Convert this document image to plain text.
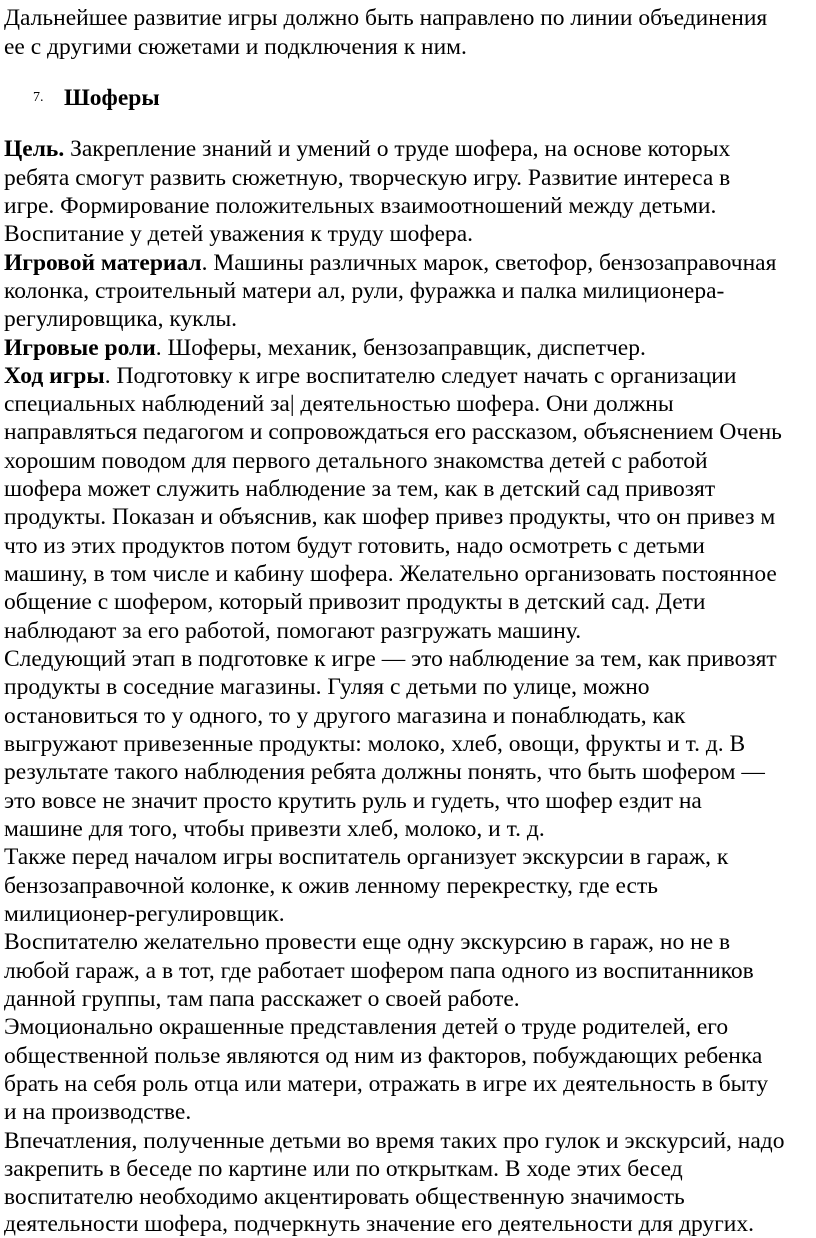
Дальнейшее развитие игры должно быть направлено по линии объединения
ее с другими сюжетами и подключения к ним.
7. Шоферы
Цель. Закрепление знаний и умений о труде шофера, на основе которых
ребята смогут развить сюжетную, творческую игру. Развитие интереса в
игре. Формирование положительных взаимоотношений между детьми.
Воспитание у детей уважения к труду шофера.
Игровой материал. Машины различных марок, светофор, бензозаправочная
колонка, строительный матери ал, рули, фуражка и палка милиционера-
регулировщика, куклы.
Игровые роли. Шоферы, механик, бензозаправщик, диспетчер.
Ход игры. Подготовку к игре воспитателю следует начать с организации
специальных наблюдений за| деятельностью шофера. Они должны
направляться педагогом и сопровождаться его рассказом, объяснением Очень
хорошим поводом для первого детального знакомства детей с работой
шофера может служить наблюдение за тем, как в детский сад привозят
продукты. Показан и объяснив, как шофер привез продукты, что он привез м
что из этих продуктов потом будут готовить, надо осмотреть с детьми
машину, в том числе и кабину шофера. Желательно организовать постоянное
общение с шофером, который привозит продукты в детский сад. Дети
наблюдают за его работой, помогают разгружать машину.
Следующий этап в подготовке к игре — это наблюдение за тем, как привозят
продукты в соседние магазины. Гуляя с детьми по улице, можно
остановиться то у одного, то у другого магазина и понаблюдать, как
выгружают привезенные продукты: молоко, хлеб, овощи, фрукты и т. д. В
результате такого наблюдения ребята должны понять, что быть шофером —
это вовсе не значит просто крутить руль и гудеть, что шофер ездит на
машине для того, чтобы привезти хлеб, молоко, и т. д.
Также перед началом игры воспитатель организует экскурсии в гараж, к
бензозаправочной колонке, к ожив ленному перекрестку, где есть
милиционер-регулировщик.
Воспитателю желательно провести еще одну экскурсию в гараж, но не в
любой гараж, а в тот, где работает шофером папа одного из воспитанников
данной группы, там папа расскажет о своей работе.
Эмоционально окрашенные представления детей о труде родителей, его
общественной пользе являются од ним из факторов, побуждающих ребенка
брать на себя роль отца или матери, отражать в игре их деятельность в быту
и на производстве.
Впечатления, полученные детьми во время таких про гулок и экскурсий, надо
закрепить в беседе по картине или по открыткам. В ходе этих бесед
воспитателю необходимо акцентировать общественную значимость
деятельности шофера, подчеркнуть значение его деятельности для других.
